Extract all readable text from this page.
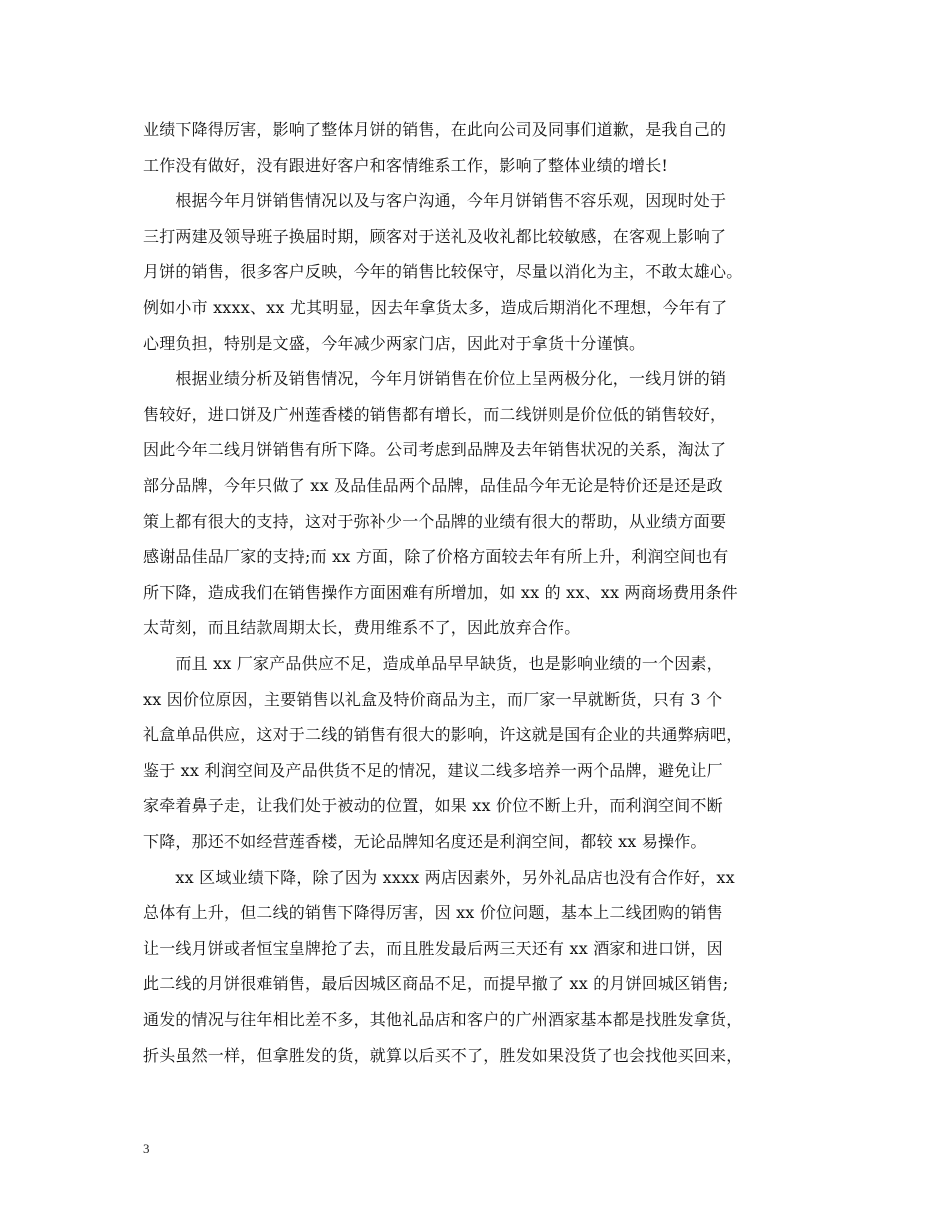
业绩下降得厉害，影响了整体月饼的销售，在此向公司及同事们道歉，是我自己的
工作没有做好，没有跟进好客户和客情维系工作，影响了整体业绩的增长!
　　根据今年月饼销售情况以及与客户沟通，今年月饼销售不容乐观，因现时处于
三打两建及领导班子换届时期，顾客对于送礼及收礼都比较敏感，在客观上影响了
月饼的销售，很多客户反映，今年的销售比较保守，尽量以消化为主，不敢太雄心。
例如小市 xxxx、xx 尤其明显，因去年拿货太多，造成后期消化不理想，今年有了
心理负担，特别是文盛，今年减少两家门店，因此对于拿货十分谨慎。
　　根据业绩分析及销售情况，今年月饼销售在价位上呈两极分化，一线月饼的销
售较好，进口饼及广州莲香楼的销售都有增长，而二线饼则是价位低的销售较好，
因此今年二线月饼销售有所下降。公司考虑到品牌及去年销售状况的关系，淘汰了
部分品牌，今年只做了 xx 及品佳品两个品牌，品佳品今年无论是特价还是还是政
策上都有很大的支持，这对于弥补少一个品牌的业绩有很大的帮助，从业绩方面要
感谢品佳品厂家的支持;而 xx 方面，除了价格方面较去年有所上升，利润空间也有
所下降，造成我们在销售操作方面困难有所增加，如 xx 的 xx、xx 两商场费用条件
太苛刻，而且结款周期太长，费用维系不了，因此放弃合作。
　　而且 xx 厂家产品供应不足，造成单品早早缺货，也是影响业绩的一个因素，
xx 因价位原因，主要销售以礼盒及特价商品为主，而厂家一早就断货，只有 3 个
礼盒单品供应，这对于二线的销售有很大的影响，许这就是国有企业的共通弊病吧，
鉴于 xx 利润空间及产品供货不足的情况，建议二线多培养一两个品牌，避免让厂
家牵着鼻子走，让我们处于被动的位置，如果 xx 价位不断上升，而利润空间不断
下降，那还不如经营莲香楼，无论品牌知名度还是利润空间，都较 xx 易操作。
　　xx 区域业绩下降，除了因为 xxxx 两店因素外，另外礼品店也没有合作好，xx
总体有上升，但二线的销售下降得厉害，因 xx 价位问题，基本上二线团购的销售
让一线月饼或者恒宝皇牌抢了去，而且胜发最后两三天还有 xx 酒家和进口饼，因
此二线的月饼很难销售，最后因城区商品不足，而提早撤了 xx 的月饼回城区销售;
通发的情况与往年相比差不多，其他礼品店和客户的广州酒家基本都是找胜发拿货，
折头虽然一样，但拿胜发的货，就算以后买不了，胜发如果没货了也会找他买回来，
3
